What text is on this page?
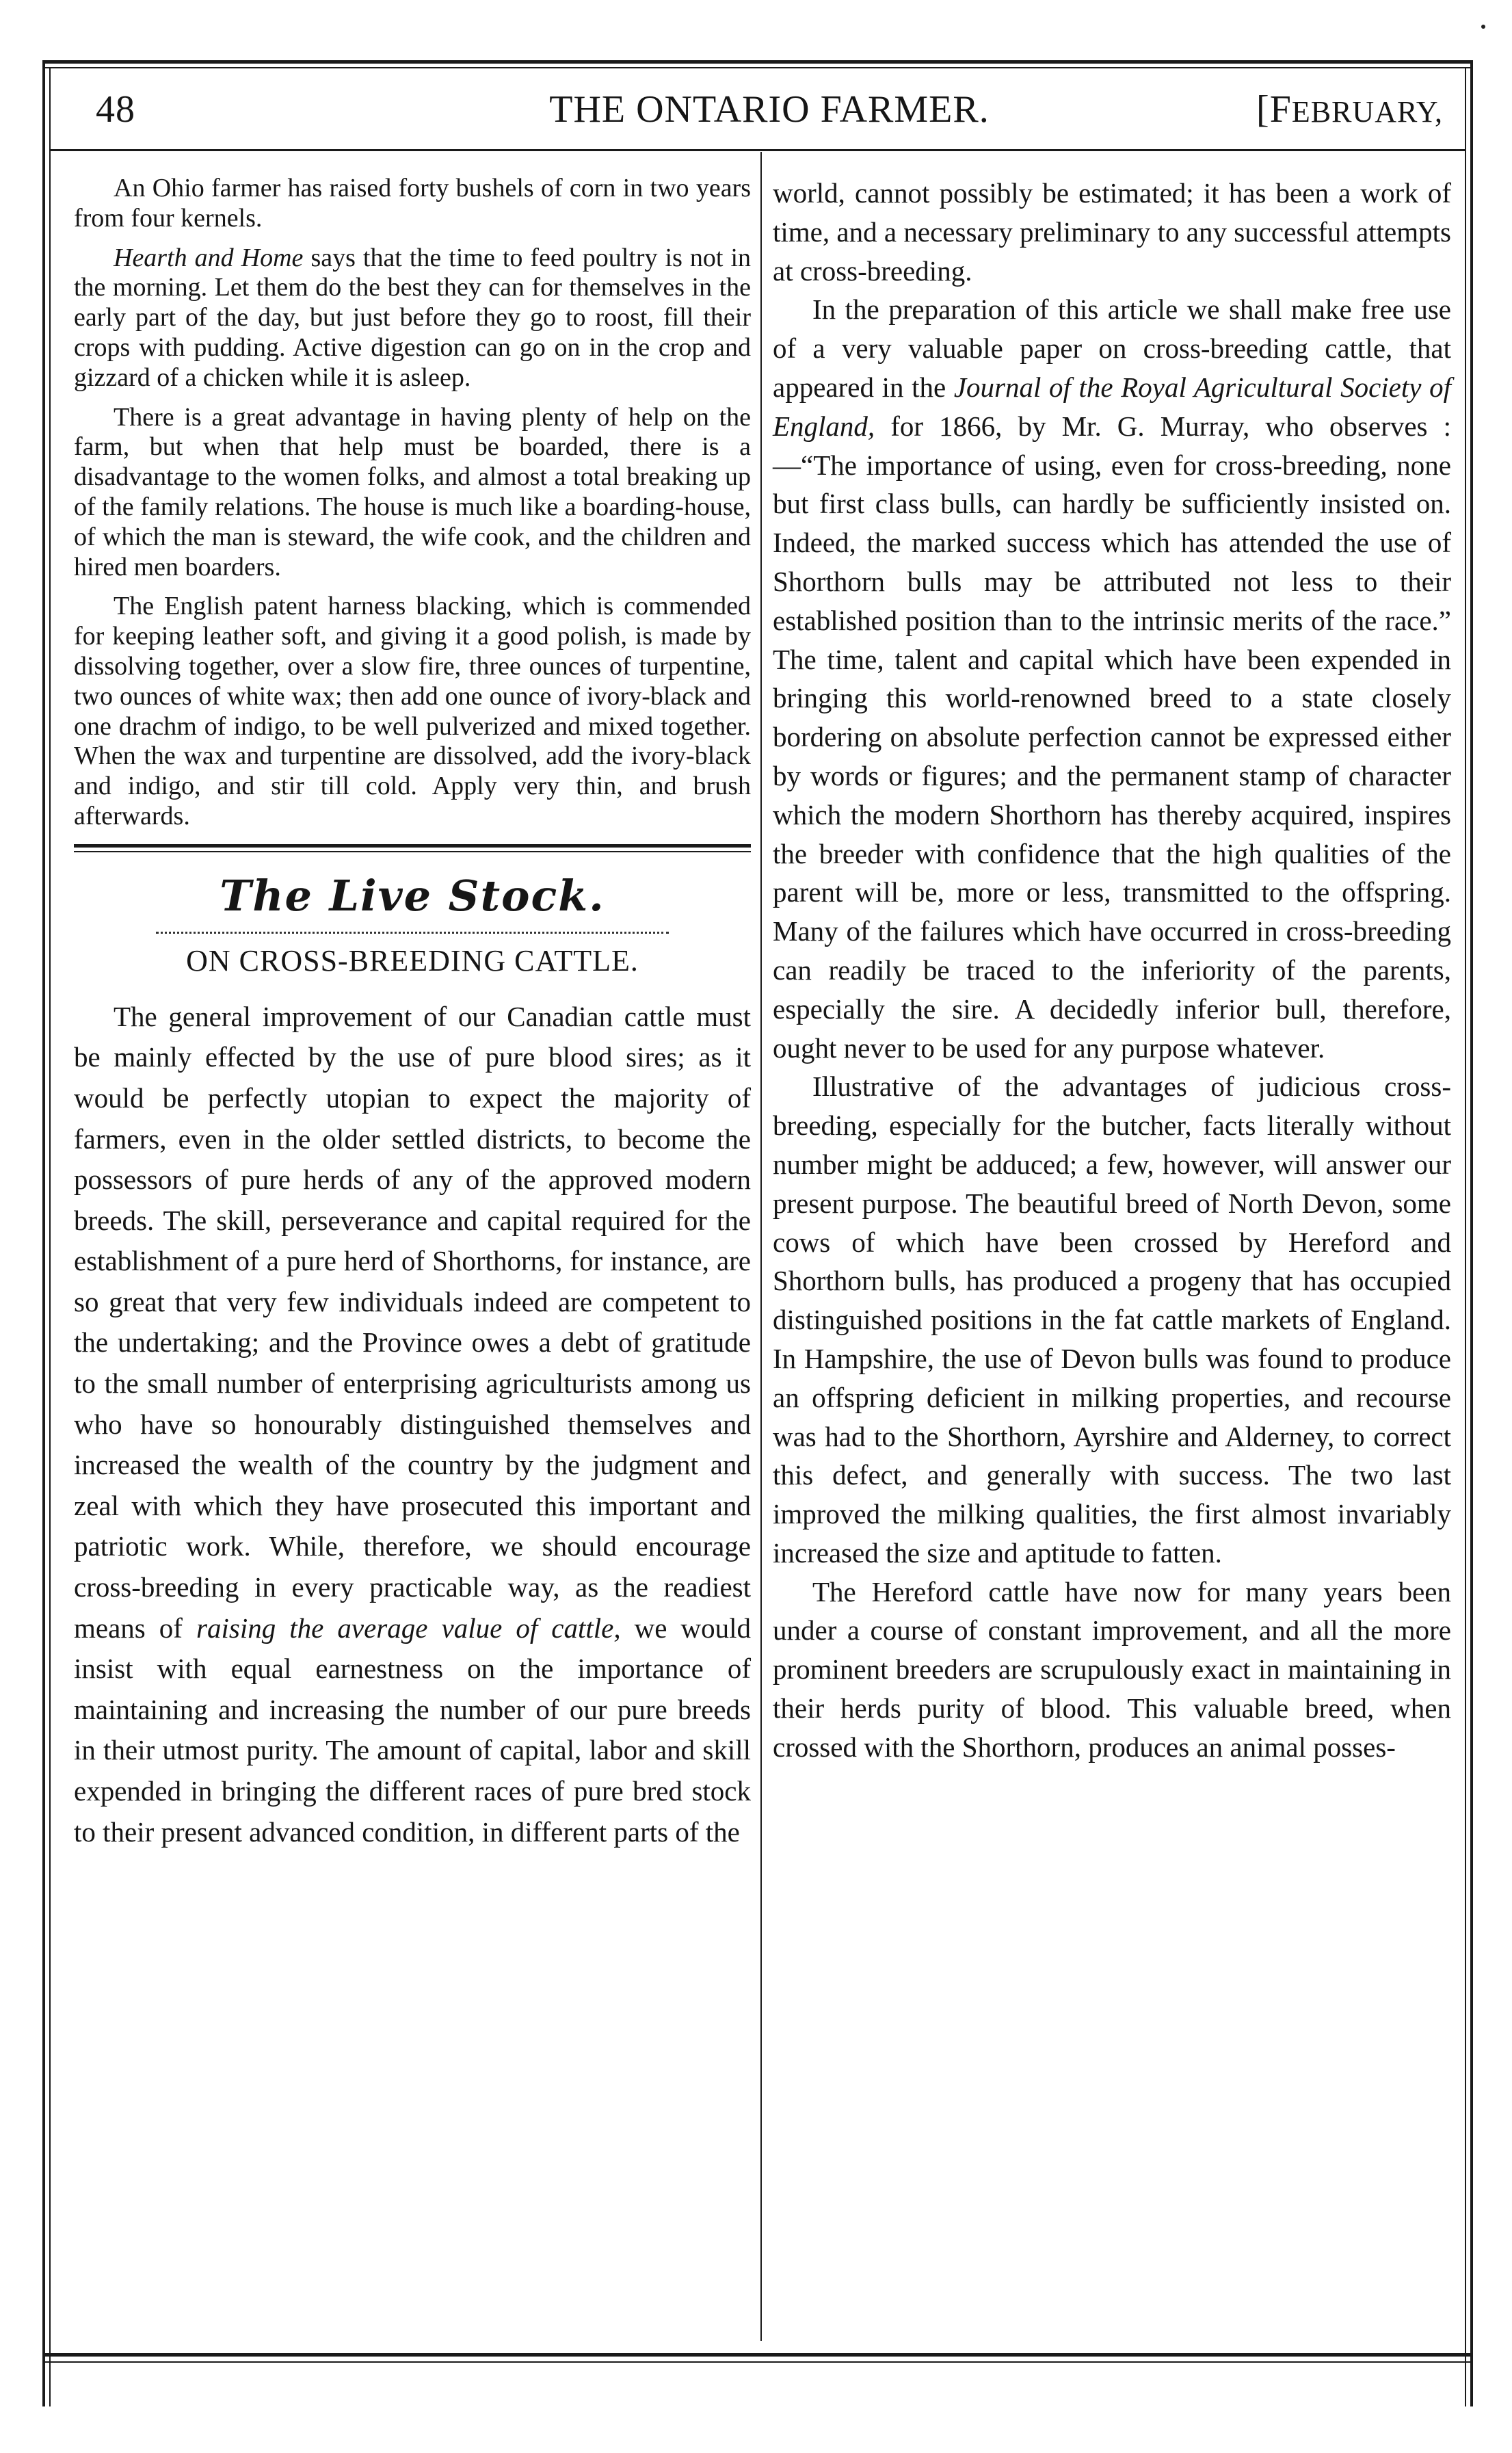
48	THE ONTARIO FARMER.	[FEBRUARY,

An Ohio farmer has raised forty bushels of corn in two years from four kernels.

Hearth and Home says that the time to feed poultry is not in the morning. Let them do the best they can for themselves in the early part of the day, but just before they go to roost, fill their crops with pudding. Active digestion can go on in the crop and gizzard of a chicken while it is asleep.

There is a great advantage in having plenty of help on the farm, but when that help must be boarded, there is a disadvantage to the women folks, and almost a total breaking up of the family relations. The house is much like a boarding-house, of which the man is steward, the wife cook, and the children and hired men boarders.

The English patent harness blacking, which is commended for keeping leather soft, and giving it a good polish, is made by dissolving together, over a slow fire, three ounces of turpentine, two ounces of white wax; then add one ounce of ivory-black and one drachm of indigo, to be well pulverized and mixed together. When the wax and turpentine are dissolved, add the ivory-black and indigo, and stir till cold. Apply very thin, and brush afterwards.

The Live Stock.
ON CROSS-BREEDING CATTLE.

The general improvement of our Canadian cattle must be mainly effected by the use of pure blood sires; as it would be perfectly utopian to expect the majority of farmers, even in the older settled districts, to become the possessors of pure herds of any of the approved modern breeds. The skill, perseverance and capital required for the establishment of a pure herd of Shorthorns, for instance, are so great that very few individuals indeed are competent to the undertaking; and the Province owes a debt of gratitude to the small number of enterprising agriculturists among us who have so honourably distinguished themselves and increased the wealth of the country by the judgment and zeal with which they have prosecuted this important and patriotic work. While, therefore, we should encourage cross-breeding in every practicable way, as the readiest means of raising the average value of cattle, we would insist with equal earnestness on the importance of maintaining and increasing the number of our pure breeds in their utmost purity. The amount of capital, labor and skill expended in bringing the different races of pure bred stock to their present advanced condition, in different parts of the

world, cannot possibly be estimated; it has been a work of time, and a necessary preliminary to any successful attempts at cross-breeding.

In the preparation of this article we shall make free use of a very valuable paper on cross-breeding cattle, that appeared in the Journal of the Royal Agricultural Society of England, for 1866, by Mr. G. Murray, who observes :—“The importance of using, even for cross-breeding, none but first class bulls, can hardly be sufficiently insisted on. Indeed, the marked success which has attended the use of Shorthorn bulls may be attributed not less to their established position than to the intrinsic merits of the race.” The time, talent and capital which have been expended in bringing this world-renowned breed to a state closely bordering on absolute perfection cannot be expressed either by words or figures; and the permanent stamp of character which the modern Shorthorn has thereby acquired, inspires the breeder with confidence that the high qualities of the parent will be, more or less, transmitted to the offspring. Many of the failures which have occurred in cross-breeding can readily be traced to the inferiority of the parents, especially the sire. A decidedly inferior bull, therefore, ought never to be used for any purpose whatever.

Illustrative of the advantages of judicious cross-breeding, especially for the butcher, facts literally without number might be adduced; a few, however, will answer our present purpose. The beautiful breed of North Devon, some cows of which have been crossed by Hereford and Shorthorn bulls, has produced a progeny that has occupied distinguished positions in the fat cattle markets of England. In Hampshire, the use of Devon bulls was found to produce an offspring deficient in milking properties, and recourse was had to the Shorthorn, Ayrshire and Alderney, to correct this defect, and generally with success. The two last improved the milking qualities, the first almost invariably increased the size and aptitude to fatten.

The Hereford cattle have now for many years been under a course of constant improvement, and all the more prominent breeders are scrupulously exact in maintaining in their herds purity of blood. This valuable breed, when crossed with the Shorthorn, produces an animal posses-
